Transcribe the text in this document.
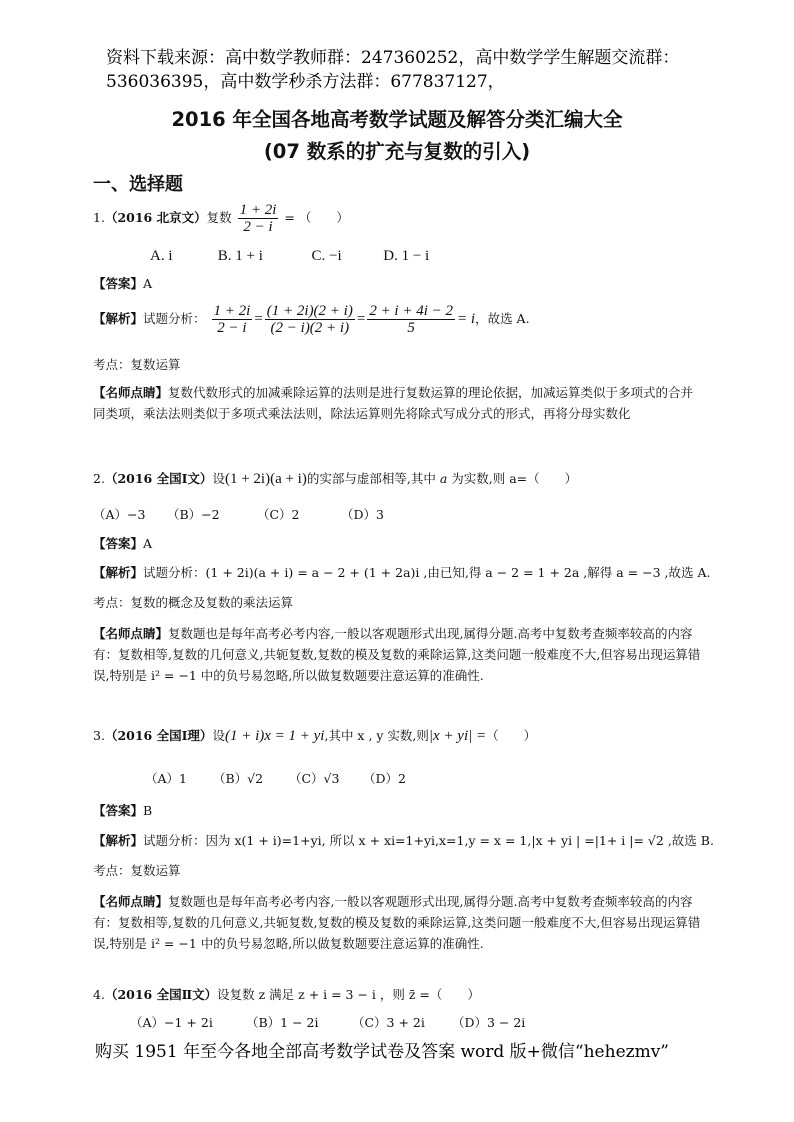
资料下载来源：高中数学教师群：247360252，高中数学学生解题交流群：
536036395，高中数学秒杀方法群：677837127，
2016 年全国各地高考数学试题及解答分类汇编大全
(07 数系的扩充与复数的引入)
一、选择题
1.（2016 北京文）复数 $\frac{1 + 2i}{2 - i}$ = （　　）
A. i	B. 1 + i	C. −i	D. 1 − i
【答案】A
【解析】试题分析： $\frac{1 + 2i}{2 - i} = \frac{(1 + 2i)(2 + i)}{(2 - i)(2 + i)} = \frac{2 + i + 4i - 2}{5} = i$，故选 A.
考点：复数运算
【名师点睛】复数代数形式的加减乘除运算的法则是进行复数运算的理论依据，加减运算类似于多项式的合并同类项，乘法法则类似于多项式乘法法则，除法运算则先将除式写成分式的形式，再将分母实数化
2.（2016 全国Ⅰ文）设(1 + 2i)(a + i)的实部与虚部相等,其中 a 为实数,则 a=（　　）
（A）−3 （B）−2	（C）2	（D）3
【答案】A
【解析】试题分析：(1 + 2i)(a + i) = a − 2 + (1 + 2a)i ,由已知,得 a − 2 = 1 + 2a ,解得 a = −3 ,故选 A.
考点：复数的概念及复数的乘法运算
【名师点睛】复数题也是每年高考必考内容,一般以客观题形式出现,属得分题.高考中复数考查频率较高的内容有：复数相等,复数的几何意义,共轭复数,复数的模及复数的乘除运算,这类问题一般难度不大,但容易出现运算错误,特别是 i² = −1 中的负号易忽略,所以做复数题要注意运算的准确性.
3.（2016 全国Ⅰ理）设(1 + i)x = 1 + yi,其中 x , y 实数,则|x + yi| =（　　）
（A）1 （B）√2 （C）√3 （D）2
【答案】B
【解析】试题分析：因为 x(1 + i)=1+yi, 所以 x + xi=1+yi,x=1,y = x = 1,|x + yi | =|1+ i |= √2 ,故选 B.
考点：复数运算
【名师点睛】复数题也是每年高考必考内容,一般以客观题形式出现,属得分题.高考中复数考查频率较高的内容有：复数相等,复数的几何意义,共轭复数,复数的模及复数的乘除运算,这类问题一般难度不大,但容易出现运算错误,特别是 i² = −1 中的负号易忽略,所以做复数题要注意运算的准确性.
4.（2016 全国Ⅱ文）设复数 z 满足 z + i = 3 − i ，则 z̄ =（　　）
（A）−1 + 2i	（B）1 − 2i	（C）3 + 2i （D）3 − 2i
购买 1951 年至今各地全部高考数学试卷及答案 word 版+微信“hehezmv”
